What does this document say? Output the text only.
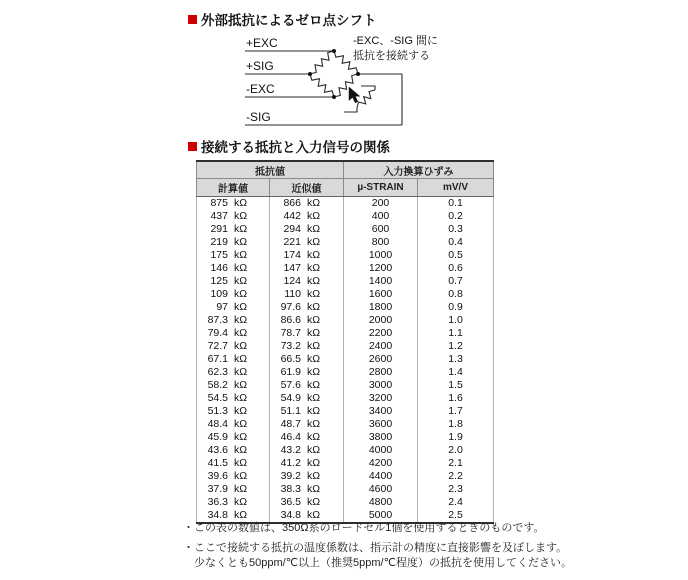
外部抵抗によるゼロ点シフト
+EXC
+SIG
-EXC
-SIG
-EXC、-SIG 間に
抵抗を接続する
接続する抵抗と入力信号の関係
抵抗値		入力換算ひずみ	
計算値	近似値	µ-STRAIN	mV/V
875 kΩ	866 kΩ	200	0.1
437 kΩ	442 kΩ	400	0.2
291 kΩ	294 kΩ	600	0.3
219 kΩ	221 kΩ	800	0.4
175 kΩ	174 kΩ	1000	0.5
146 kΩ	147 kΩ	1200	0.6
125 kΩ	124 kΩ	1400	0.7
109 kΩ	110 kΩ	1600	0.8
97 kΩ	97.6 kΩ	1800	0.9
87.3 kΩ	86.6 kΩ	2000	1.0
79.4 kΩ	78.7 kΩ	2200	1.1
72.7 kΩ	73.2 kΩ	2400	1.2
67.1 kΩ	66.5 kΩ	2600	1.3
62.3 kΩ	61.9 kΩ	2800	1.4
58.2 kΩ	57.6 kΩ	3000	1.5
54.5 kΩ	54.9 kΩ	3200	1.6
51.3 kΩ	51.1 kΩ	3400	1.7
48.4 kΩ	48.7 kΩ	3600	1.8
45.9 kΩ	46.4 kΩ	3800	1.9
43.6 kΩ	43.2 kΩ	4000	2.0
41.5 kΩ	41.2 kΩ	4200	2.1
39.6 kΩ	39.2 kΩ	4400	2.2
37.9 kΩ	38.3 kΩ	4600	2.3
36.3 kΩ	36.5 kΩ	4800	2.4
34.8 kΩ	34.8 kΩ	5000	2.5
・この表の数値は、350Ω系のロードセル1個を使用するときのものです。
・ここで接続する抵抗の温度係数は、指示計の精度に直接影響を及ぼします。
少なくとも50ppm/℃以上（推奨5ppm/℃程度）の抵抗を使用してください。
